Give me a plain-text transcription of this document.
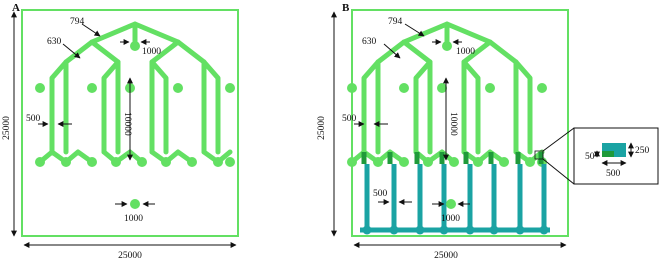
A
794
630
1000
500	10000
1000
25000
25000
B
794
630
1000
500	10000
500
1000
25000
25000
50
250
500
